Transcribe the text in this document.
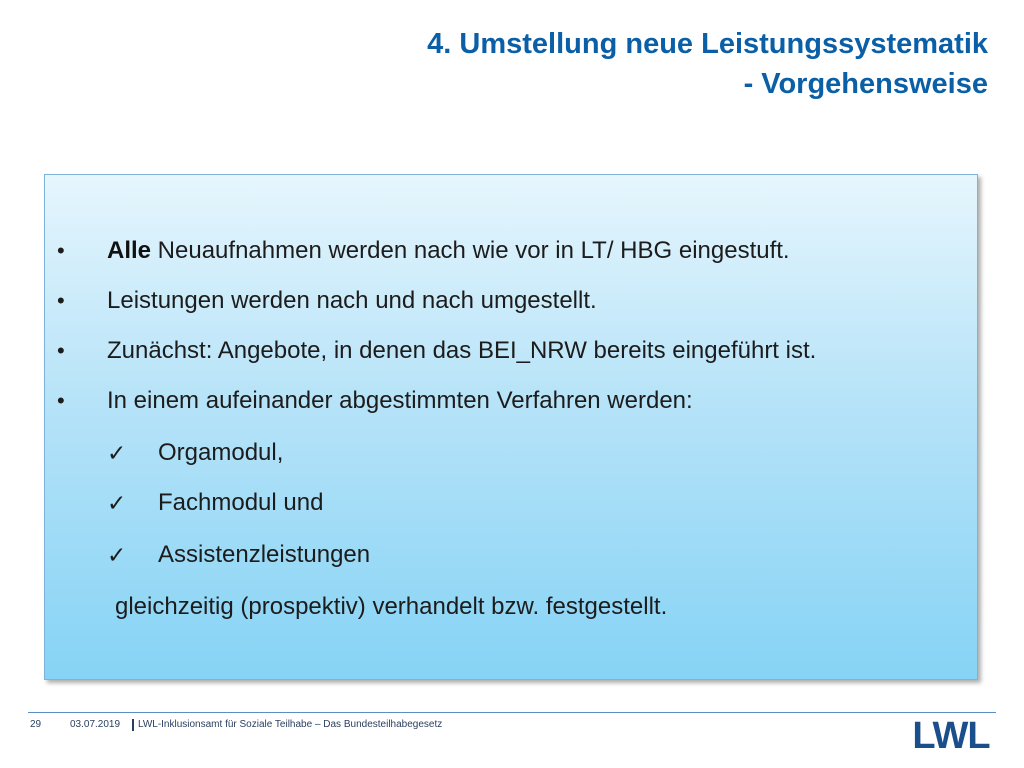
4. Umstellung neue Leistungssystematik
- Vorgehensweise
• Alle Neuaufnahmen werden nach wie vor in LT/ HBG eingestuft.
• Leistungen werden nach und nach umgestellt.
• Zunächst: Angebote, in denen das BEI_NRW bereits eingeführt ist.
• In einem aufeinander abgestimmten Verfahren werden:
✓ Orgamodul,
✓ Fachmodul und
✓ Assistenzleistungen
gleichzeitig (prospektiv) verhandelt bzw. festgestellt.
29	03.07.2019 LWL-Inklusionsamt für Soziale Teilhabe – Das Bundesteilhabegesetz	LWL
